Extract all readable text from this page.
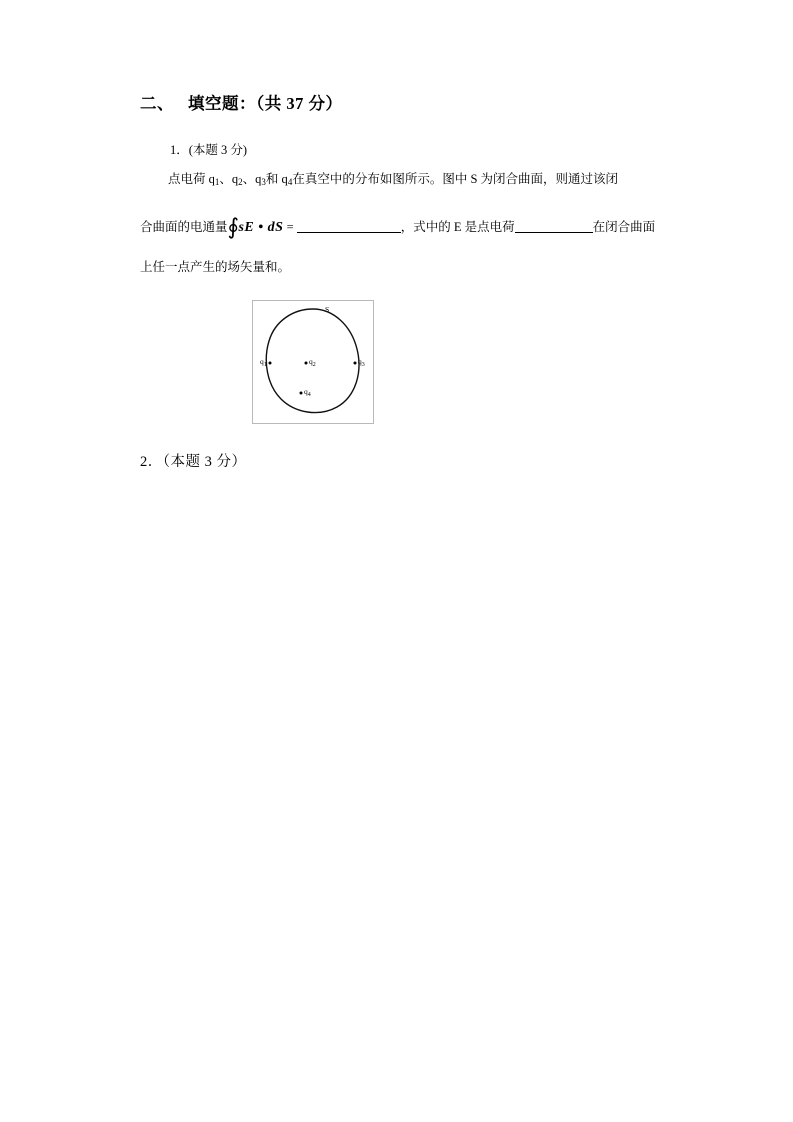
二、 填空题：（共 37 分）
1．(本题 3 分)
点电荷 $q_1$、$q_2$、$q_3$和 $q_4$在真空中的分布如图所示。图中 S 为闭合曲面，则通过该闭
合曲面的电通量∮sE • dS =	，式中的 E 是点电荷	在闭合曲面
上任一点产生的场矢量和。
S
$q_1$	$q_2$	$q_3$
$q_4$
2．（本题 3 分）
